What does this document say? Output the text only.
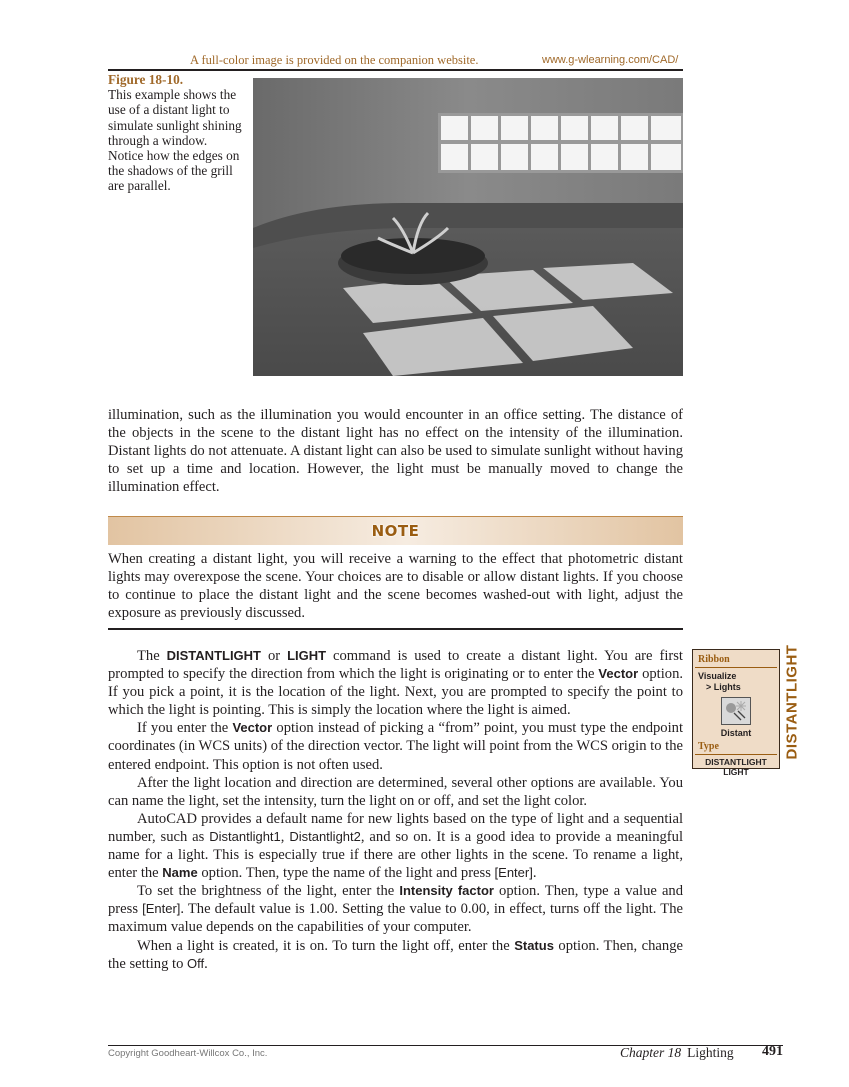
A full-color image is provided on the companion website.	www.g-wlearning.com/CAD/
Figure 18-10.
This example shows the use of a distant light to simulate sunlight shining through a window. Notice how the edges on the shadows of the grill are parallel.
illumination, such as the illumination you would encounter in an office setting. The distance of the objects in the scene to the distant light has no effect on the intensity of the illumination. Distant lights do not attenuate. A distant light can also be used to simulate sunlight without having to set up a time and location. However, the light must be manually moved to change the illumination effect.
NOTE
When creating a distant light, you will receive a warning to the effect that photometric distant lights may overexpose the scene. Your choices are to disable or allow distant lights. If you choose to continue to place the distant light and the scene becomes washed-out with light, adjust the exposure as previously discussed.

The DISTANTLIGHT or LIGHT command is used to create a distant light. You are first prompted to specify the direction from which the light is originating or to enter the Vector option. If you pick a point, it is the location of the light. Next, you are prompted to specify the point to which the light is pointing. This is simply the location where the light is aimed.

If you enter the Vector option instead of picking a “from” point, you must type the endpoint coordinates (in WCS units) of the direction vector. The light will point from the WCS origin to the entered endpoint. This option is not often used.

After the light location and direction are determined, several other options are available. You can name the light, set the intensity, turn the light on or off, and set the light color.

AutoCAD provides a default name for new lights based on the type of light and a sequential number, such as Distantlight1, Distantlight2, and so on. It is a good idea to provide a meaningful name for a light. This is especially true if there are other lights in the scene. To rename a light, enter the Name option. Then, type the name of the light and press [Enter].

To set the brightness of the light, enter the Intensity factor option. Then, type a value and press [Enter]. The default value is 1.00. Setting the value to 0.00, in effect, turns off the light. The maximum value depends on the capabilities of your computer.

When a light is created, it is on. To turn the light off, enter the Status option. Then, change the setting to Off.

Ribbon
Visualize
> Lights
Distant
Type
DISTANTLIGHT
LIGHT
DISTANTLIGHT
Copyright Goodheart-Willcox Co., Inc.	Chapter 18 Lighting 491
